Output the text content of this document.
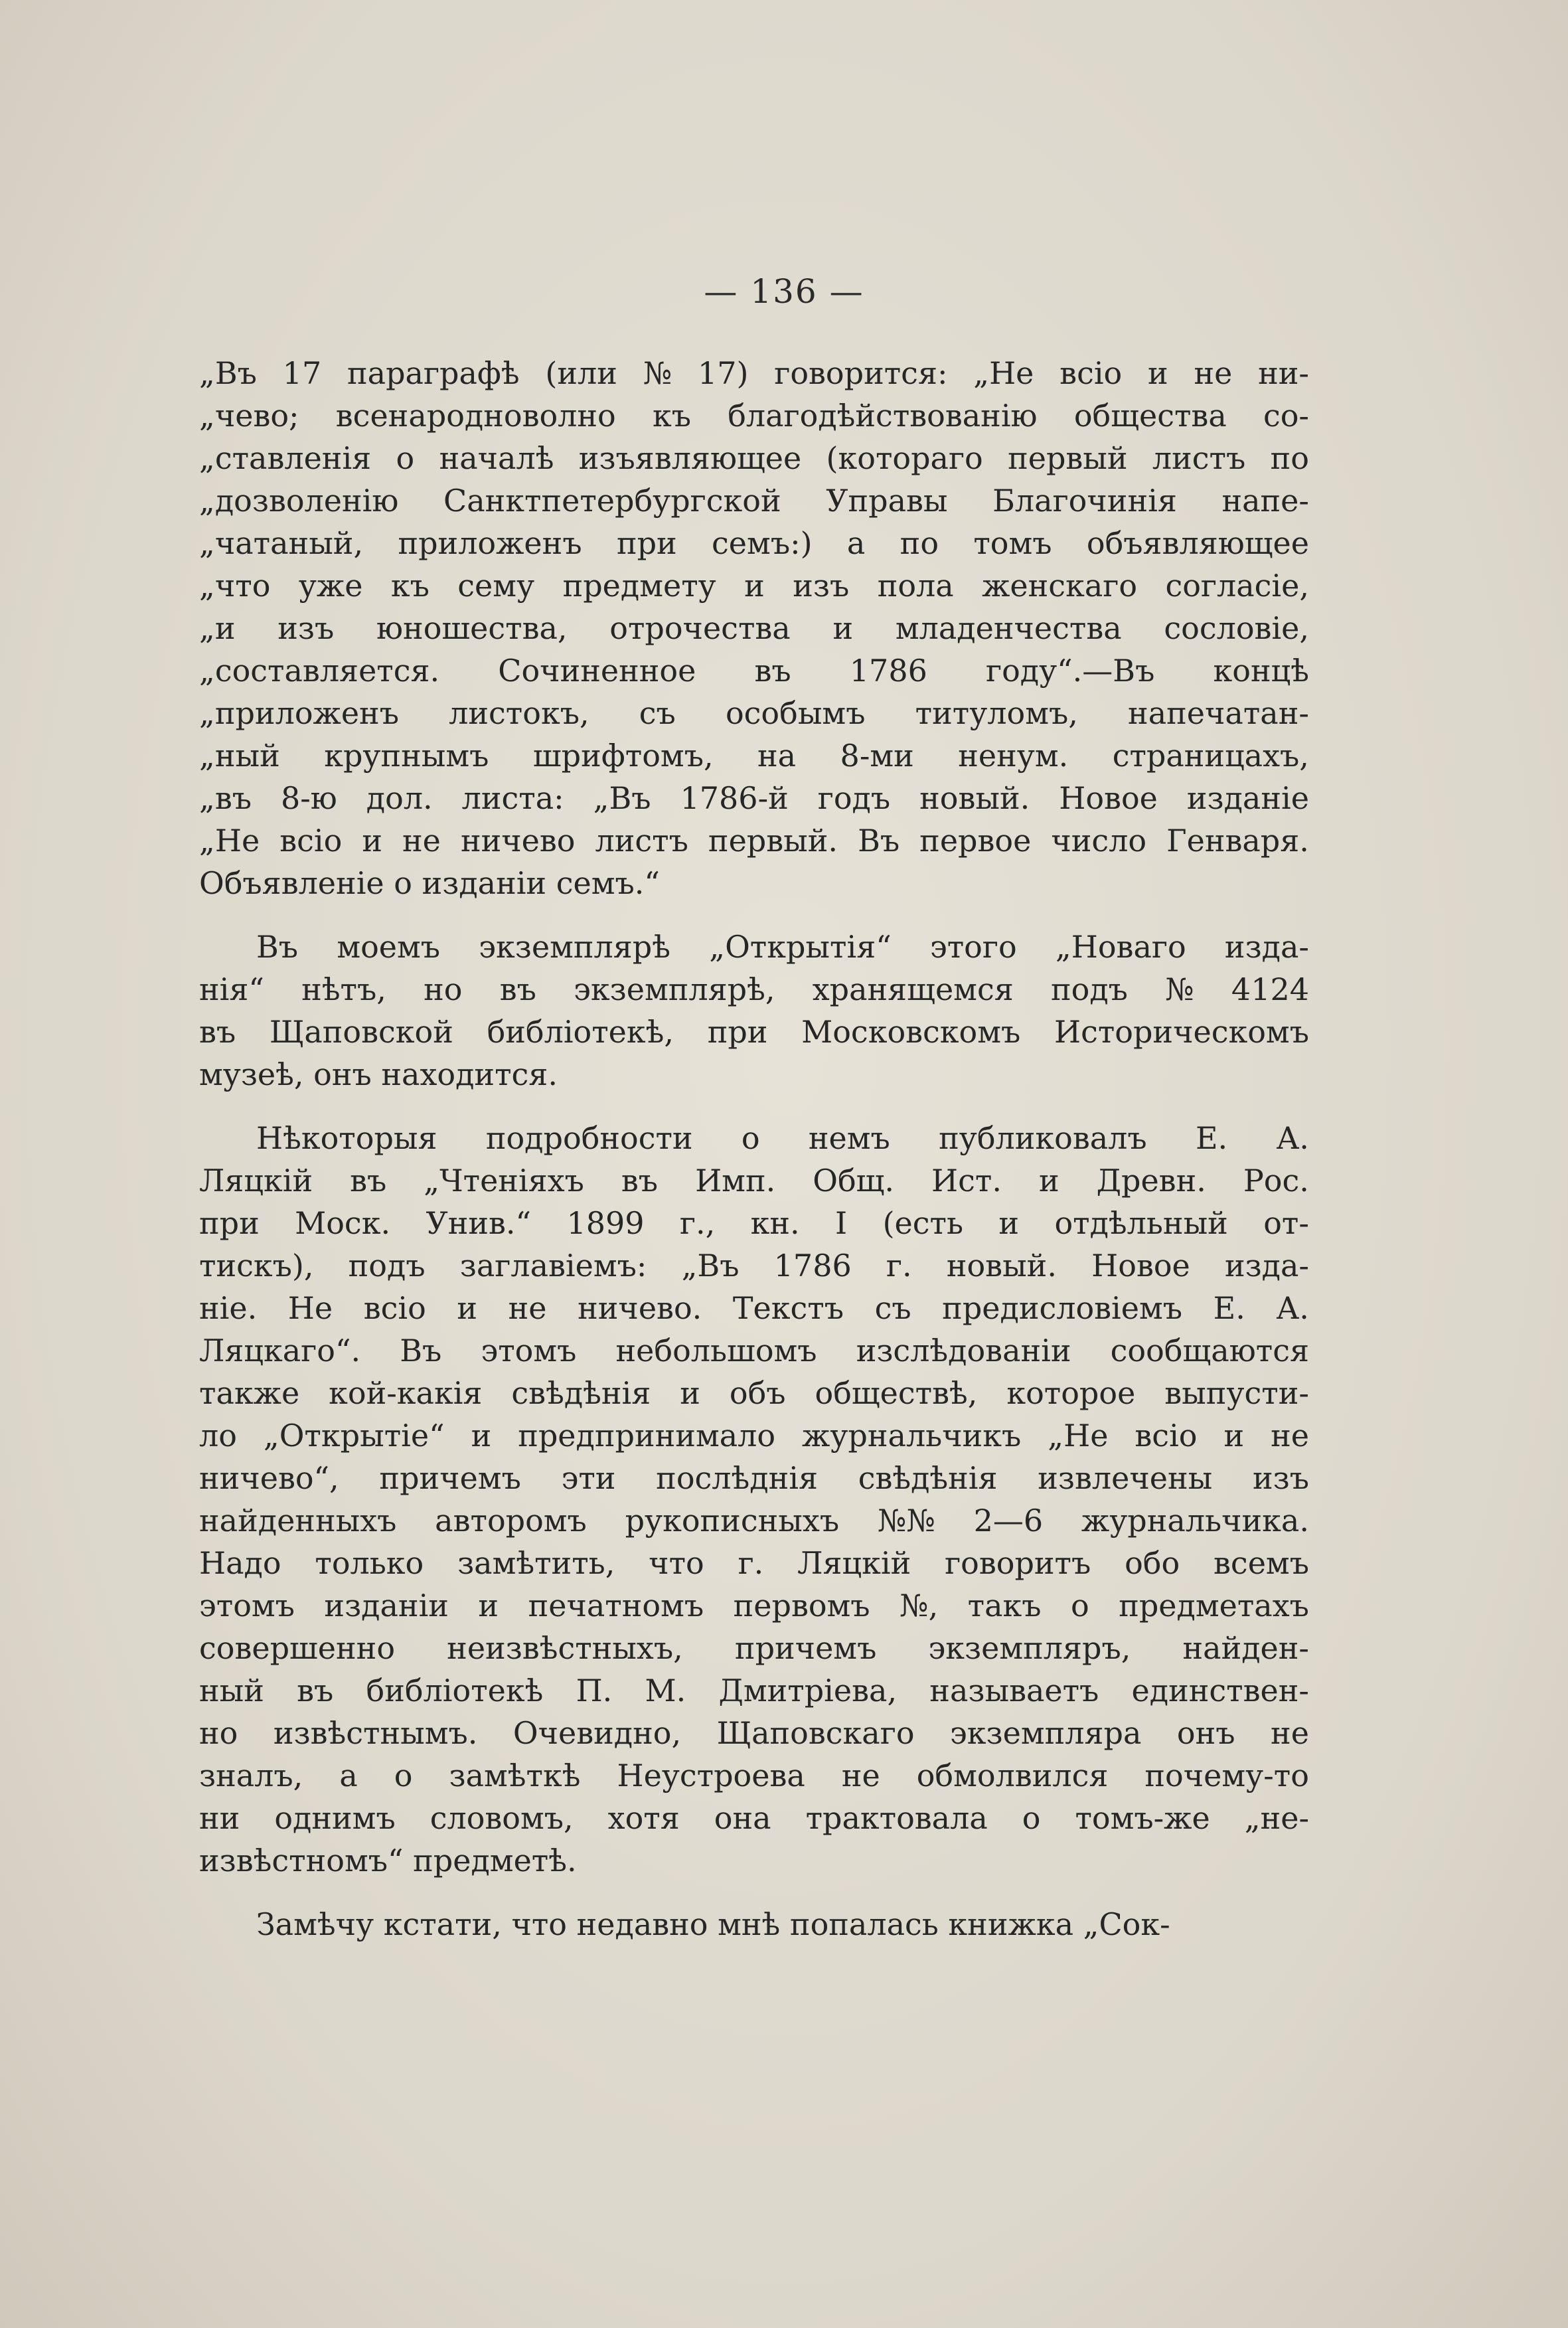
— 136 —
„Въ 17 параграфѣ (или № 17) говорится: „Не всіо и не ни-
„чево; всенародноволно къ благодѣйствованію общества со-
„ставленія о началѣ изъявляющее (котораго первый листъ по
„дозволенію Санктпетербургской Управы Благочинія напе-
„чатаный, приложенъ при семъ:) а по томъ объявляющее
„что уже къ сему предмету и изъ пола женскаго согласіе,
„и изъ юношества, отрочества и младенчества сословіе,
„составляется. Сочиненное въ 1786 году“.—Въ концѣ
„приложенъ листокъ, съ особымъ титуломъ, напечатан-
„ный крупнымъ шрифтомъ, на 8-ми ненум. страницахъ,
„въ 8-ю дол. листа: „Въ 1786-й годъ новый. Новое изданіе
„Не всіо и не ничево листъ первый. Въ первое число Генваря.
Объявленіе о изданіи семъ.“
Въ моемъ экземплярѣ „Открытія“ этого „Новаго изда-
нія“ нѣтъ, но въ экземплярѣ, хранящемся подъ № 4124
въ Щаповской библіотекѣ, при Московскомъ Историческомъ
музеѣ, онъ находится.
Нѣкоторыя подробности о немъ публиковалъ Е. А.
Ляцкій въ „Чтеніяхъ въ Имп. Общ. Ист. и Древн. Рос.
при Моск. Унив.“ 1899 г., кн. I (есть и отдѣльный от-
тискъ), подъ заглавіемъ: „Въ 1786 г. новый. Новое изда-
ніе. Не всіо и не ничево. Текстъ съ предисловіемъ Е. А.
Ляцкаго“. Въ этомъ небольшомъ изслѣдованіи сообщаются
также кой-какія свѣдѣнія и объ обществѣ, которое выпусти-
ло „Открытіе“ и предпринимало журнальчикъ „Не всіо и не
ничево“, причемъ эти послѣднія свѣдѣнія извлечены изъ
найденныхъ авторомъ рукописныхъ №№ 2—6 журнальчика.
Надо только замѣтить, что г. Ляцкій говоритъ обо всемъ
этомъ изданіи и печатномъ первомъ №, такъ о предметахъ
совершенно неизвѣстныхъ, причемъ экземпляръ, найден-
ный въ библіотекѣ П. М. Дмитріева, называетъ единствен-
но извѣстнымъ. Очевидно, Щаповскаго экземпляра онъ не
зналъ, а о замѣткѣ Неустроева не обмолвился почему-то
ни однимъ словомъ, хотя она трактовала о томъ-же „не-
извѣстномъ“ предметѣ.
Замѣчу кстати, что недавно мнѣ попалась книжка „Сок-
